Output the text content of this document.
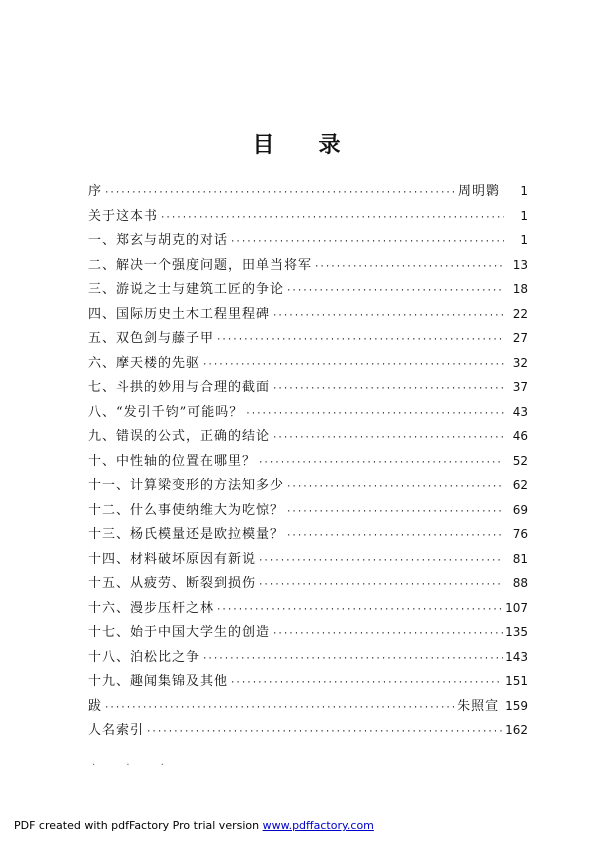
目 录
序 ·····	周明鹮	1
关于这本书 ·····	1
一、郑玄与胡克的对话 ·····	1
二、解决一个强度问题，田单当将军 ·····	13
三、游说之士与建筑工匠的争论 ·····	18
四、国际历史土木工程里程碑 ·····	22
五、双色剑与藤子甲 ·····	27
六、摩天楼的先驱 ·····	32
七、斗拱的妙用与合理的截面 ·····	37
八、“发引千钧”可能吗？ ·····	43
九、错误的公式，正确的结论 ·····	46
十、中性轴的位置在哪里？ ·····	52
十一、计算梁变形的方法知多少 ·····	62
十二、什么事使纳维大为吃惊？ ·····	69
十三、杨氏模量还是欧拉模量？ ·····	76
十四、材料破坏原因有新说 ·····	81
十五、从疲劳、断裂到损伤 ·····	88
十六、漫步压杆之林 ·····	107
十七、始于中国大学生的创造 ·····	135
十八、泊松比之争 ·····	143
十九、趣闻集锦及其他 ·····	151
跋 ·····	朱照宣 159
人名索引 ·····	162
· · ·
PDF created with pdfFactory Pro trial version www.pdffactory.com
